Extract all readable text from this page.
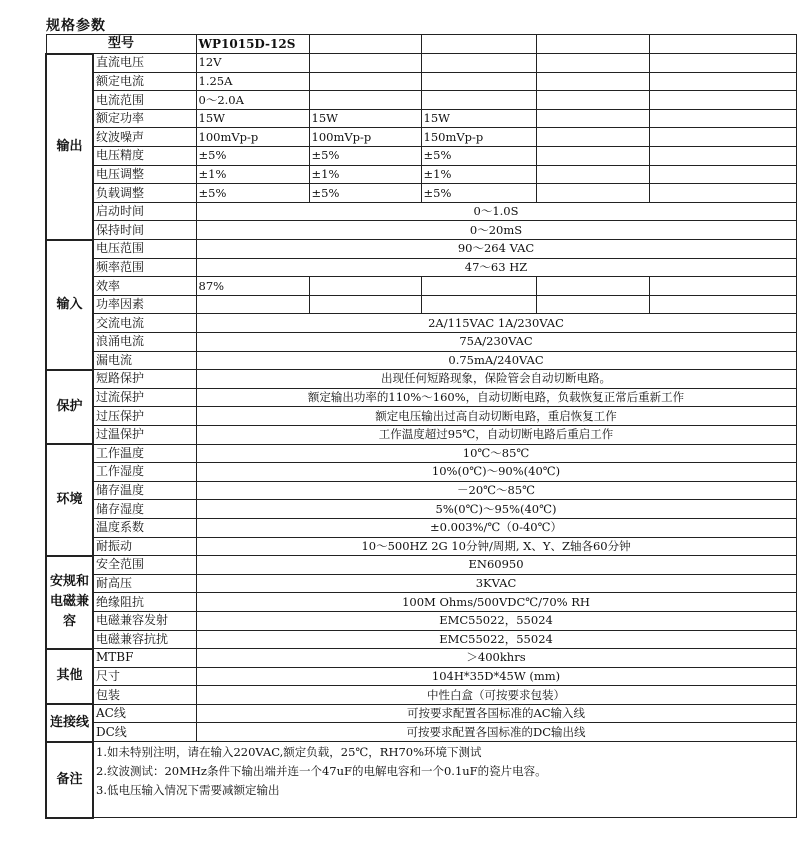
规格参数
型号		WP1015D-12S				
输出	直流电压	12V				
	额定电流	1.25A				
	电流范围	0～2.0A				
	额定功率	15W	15W	15W		
	纹波噪声	100mVp-p	100mVp-p	150mVp-p		
	电压精度	±5%	±5%	±5%		
	电压调整	±1%	±1%	±1%		
	负载调整	±5%	±5%	±5%		
	启动时间	0～1.0S				
	保持时间	0～20mS				
输入	电压范围	90～264 VAC				
	频率范围	47～63 HZ				
	效率	87%				
	功率因素					
	交流电流	2A/115VAC 1A/230VAC				
	浪涌电流	75A/230VAC				
	漏电流	0.75mA/240VAC				
保护	短路保护	出现任何短路现象，保险管会自动切断电路。				
	过流保护	额定输出功率的110%～160%，自动切断电路，负载恢复正常后重新工作				
	过压保护	额定电压输出过高自动切断电路，重启恢复工作				
	过温保护	工作温度超过95℃，自动切断电路后重启工作				
环境	工作温度	10℃～85℃				
	工作湿度	10%(0℃)～90%(40℃)				
	储存温度	－20℃～85℃				
	储存湿度	5%(0℃)～95%(40℃)				
	温度系数	±0.003%/℃（0-40℃）				
	耐振动	10～500HZ 2G 10分钟/周期, X、Y、Z轴各60分钟				
安规和电磁兼容	安全范围	EN60950				
	耐高压	3KVAC				
	绝缘阻抗	100M Ohms/500VDC℃/70% RH				
	电磁兼容发射	EMC55022，55024				
	电磁兼容抗扰	EMC55022，55024				
其他	MTBF	＞400khrs				
	尺寸	104H*35D*45W (mm)				
	包装	中性白盒（可按要求包装）				
连接线	AC线	可按要求配置各国标准的AC输入线				
	DC线	可按要求配置各国标准的DC输出线				
备注	1.如未特别注明，请在输入220VAC,额定负载，25℃，RH70%环境下测试
2.纹波测试：20MHz条件下输出端并连一个47uF的电解电容和一个0.1uF的瓷片电容。
3.低电压输入情况下需要减额定输出					
